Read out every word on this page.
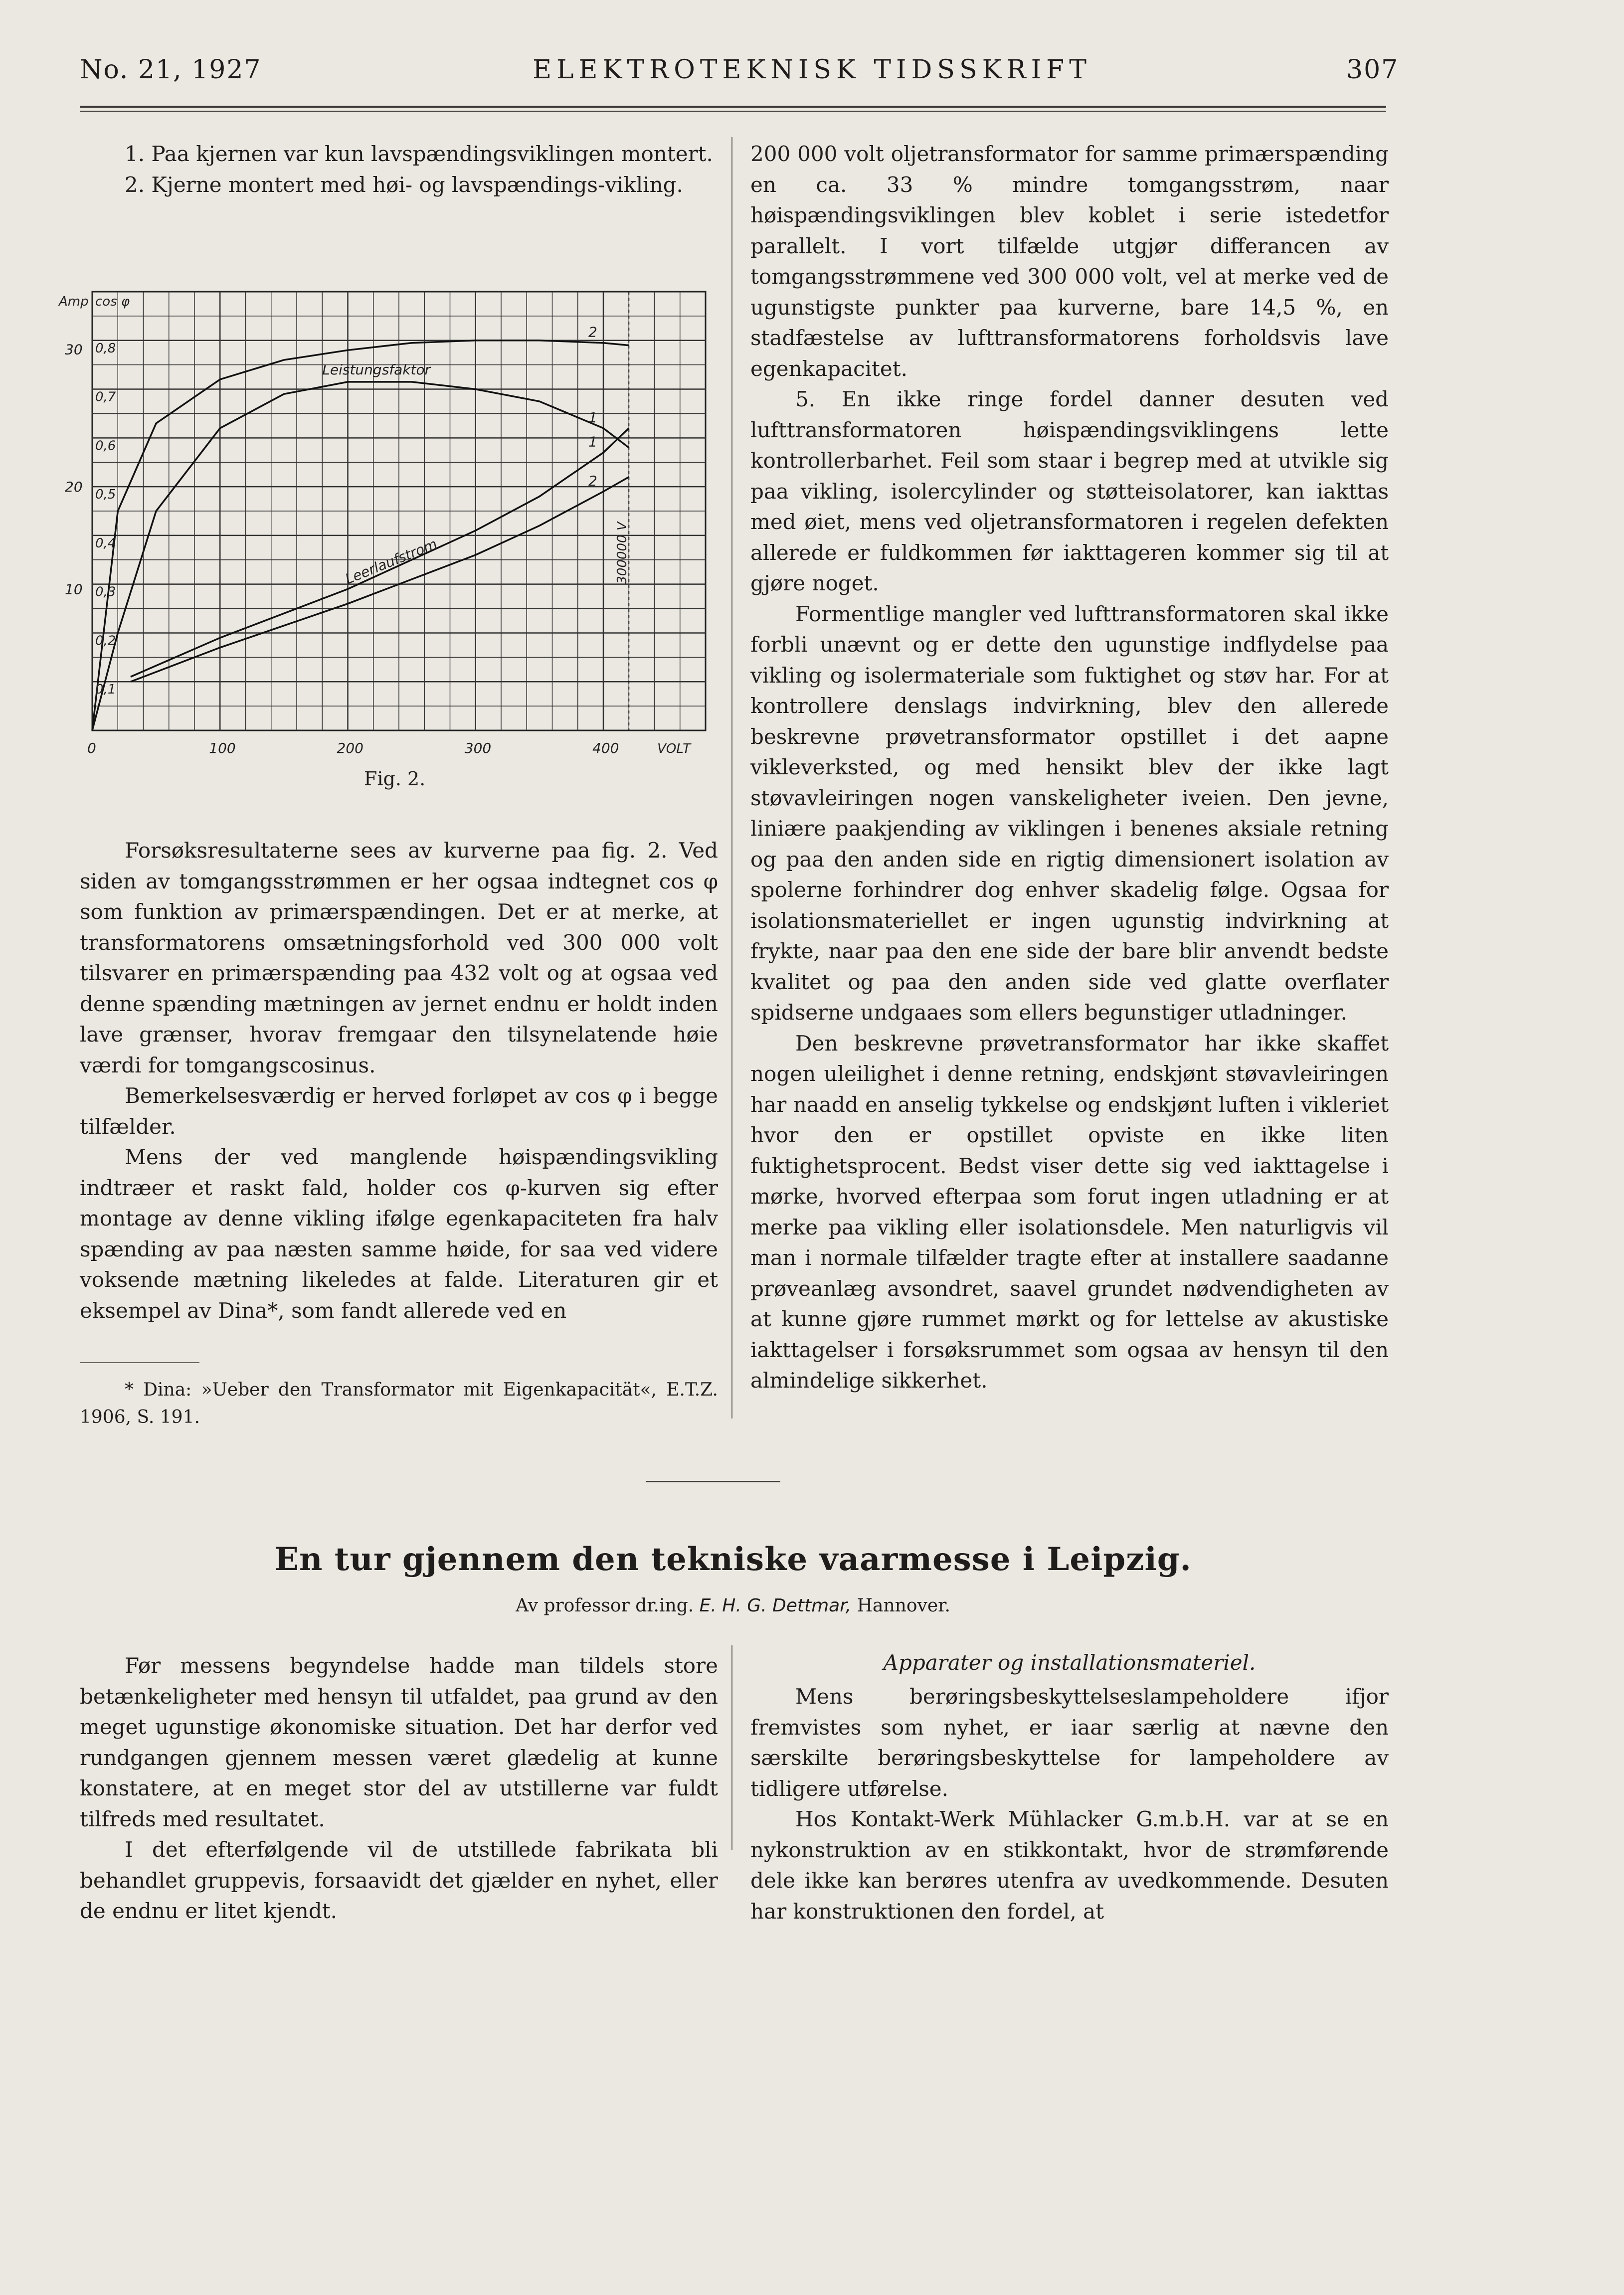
No. 21, 1927	ELEKTROTEKNISK TIDSSKRIFT	307
1. Paa kjernen var kun lavspændingsviklingen montert.
2. Kjerne montert med høi- og lavspændings-vikling.
0	100	200	300	400	VOLT
0,1
0,2
0,3
0,4
0,5
0,6
0,7
0,8
cos φ
Amp
10
20
30
1
2
1
2
Leistungsfaktor
Leerlaufstrom	300000 V
Fig. 2.

Forsøksresultaterne sees av kurverne paa fig. 2. Ved siden av tomgangsstrømmen er her ogsaa indtegnet cos φ som funktion av primærspændingen. Det er at merke, at transformatorens omsætningsforhold ved 300 000 volt tilsvarer en primærspænding paa 432 volt og at ogsaa ved denne spænding mætningen av jernet endnu er holdt inden lave grænser, hvorav fremgaar den tilsynelatende høie værdi for tomgangscosinus.

Bemerkelsesværdig er herved forløpet av cos φ i begge tilfælder.

Mens der ved manglende høispændingsvikling indtræer et raskt fald, holder cos φ-kurven sig efter montage av denne vikling ifølge egenkapaciteten fra halv spænding av paa næsten samme høide, for saa ved videre voksende mætning likeledes at falde. Literaturen gir et eksempel av Dina*, som fandt allerede ved en

* Dina: »Ueber den Transformator mit Eigenkapacität«, E.T.Z. 1906, S. 191.

200 000 volt oljetransformator for samme primærspænding en ca. 33 % mindre tomgangsstrøm, naar høispændingsviklingen blev koblet i serie istedetfor parallelt. I vort tilfælde utgjør differancen av tomgangsstrømmene ved 300 000 volt, vel at merke ved de ugunstigste punkter paa kurverne, bare 14,5 %, en stadfæstelse av lufttransformatorens forholdsvis lave egenkapacitet.

5. En ikke ringe fordel danner desuten ved lufttransformatoren høispændingsviklingens lette kontrollerbarhet. Feil som staar i begrep med at utvikle sig paa vikling, isolercylinder og støtteisolatorer, kan iakttas med øiet, mens ved oljetransformatoren i regelen defekten allerede er fuldkommen før iakttageren kommer sig til at gjøre noget.

Formentlige mangler ved lufttransformatoren skal ikke forbli unævnt og er dette den ugunstige indflydelse paa vikling og isolermateriale som fuktighet og støv har. For at kontrollere denslags indvirkning, blev den allerede beskrevne prøvetransformator opstillet i det aapne vikleverksted, og med hensikt blev der ikke lagt støvavleiringen nogen vanskeligheter iveien. Den jevne, liniære paakjending av viklingen i benenes aksiale retning og paa den anden side en rigtig dimensionert isolation av spolerne forhindrer dog enhver skadelig følge. Ogsaa for isolationsmateriellet er ingen ugunstig indvirkning at frykte, naar paa den ene side der bare blir anvendt bedste kvalitet og paa den anden side ved glatte overflater spidserne undgaaes som ellers begunstiger utladninger.

Den beskrevne prøvetransformator har ikke skaffet nogen uleilighet i denne retning, endskjønt støvavleiringen har naadd en anselig tykkelse og endskjønt luften i vikleriet hvor den er opstillet opviste en ikke liten fuktighetsprocent. Bedst viser dette sig ved iakttagelse i mørke, hvorved efterpaa som forut ingen utladning er at merke paa vikling eller isolationsdele. Men naturligvis vil man i normale tilfælder tragte efter at installere saadanne prøveanlæg avsondret, saavel grundet nødvendigheten av at kunne gjøre rummet mørkt og for lettelse av akustiske iakttagelser i forsøksrummet som ogsaa av hensyn til den almindelige sikkerhet.

En tur gjennem den tekniske vaarmesse i Leipzig.
Av professor dr.ing. E. H. G. Dettmar, Hannover.

Før messens begyndelse hadde man tildels store betænkeligheter med hensyn til utfaldet, paa grund av den meget ugunstige økonomiske situation. Det har derfor ved rundgangen gjennem messen været glædelig at kunne konstatere, at en meget stor del av utstillerne var fuldt tilfreds med resultatet.

I det efterfølgende vil de utstillede fabrikata bli behandlet gruppevis, forsaavidt det gjælder en nyhet, eller de endnu er litet kjendt.

Apparater og installationsmateriel.

Mens berøringsbeskyttelseslampeholdere ifjor fremvistes som nyhet, er iaar særlig at nævne den særskilte berøringsbeskyttelse for lampeholdere av tidligere utførelse.

Hos Kontakt-Werk Mühlacker G.m.b.H. var at se en nykonstruktion av en stikkontakt, hvor de strømførende dele ikke kan berøres utenfra av uvedkommende. Desuten har konstruktionen den fordel, at
